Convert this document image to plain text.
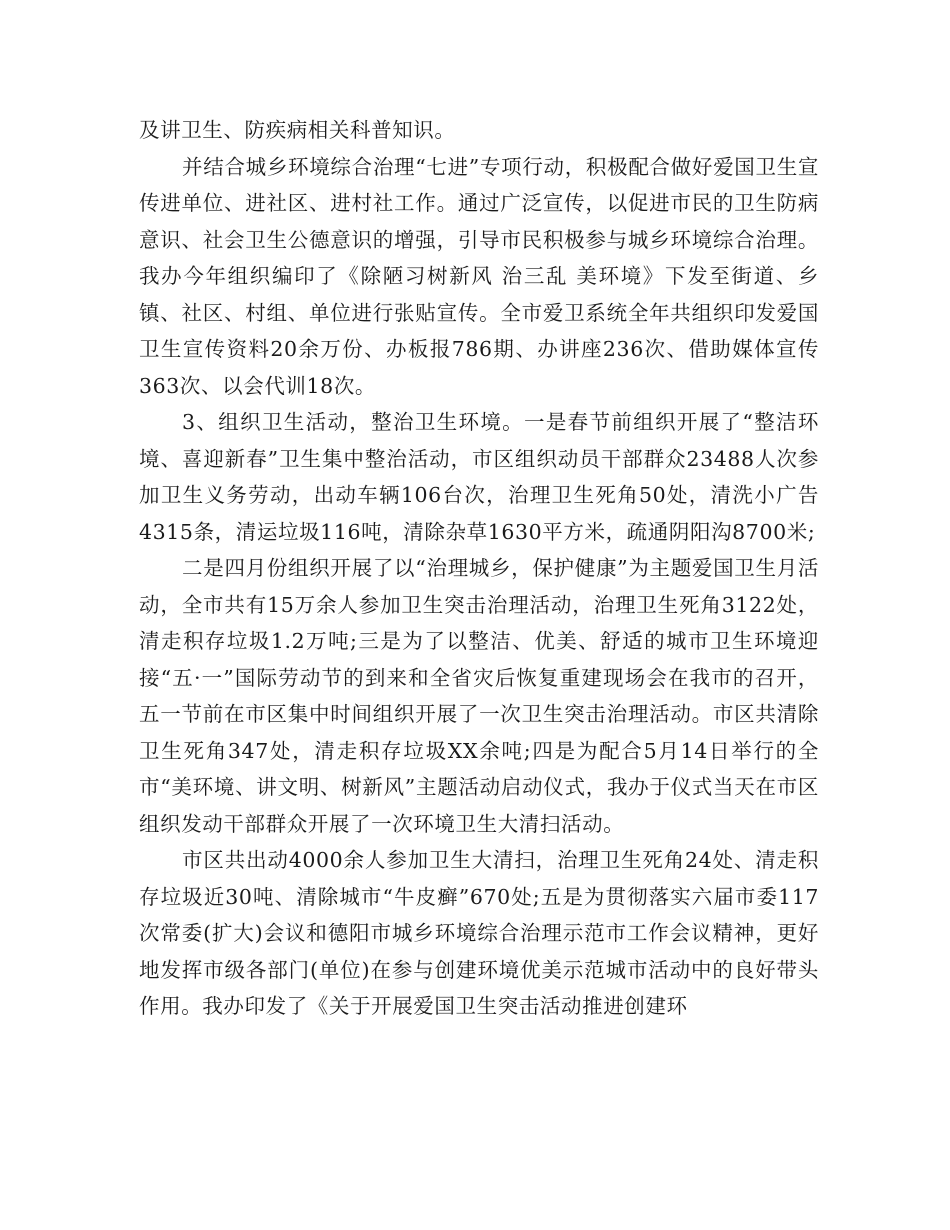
及讲卫生、防疾病相关科普知识。

并结合城乡环境综合治理“七进”专项行动，积极配合做好爱国卫生宣传进单位、进社区、进村社工作。通过广泛宣传，以促进市民的卫生防病意识、社会卫生公德意识的增强，引导市民积极参与城乡环境综合治理。我办今年组织编印了《除陋习树新风 治三乱 美环境》下发至街道、乡镇、社区、村组、单位进行张贴宣传。全市爱卫系统全年共组织印发爱国卫生宣传资料20余万份、办板报786期、办讲座236次、借助媒体宣传363次、以会代训18次。

3、组织卫生活动，整治卫生环境。一是春节前组织开展了“整洁环境、喜迎新春”卫生集中整治活动，市区组织动员干部群众23488人次参加卫生义务劳动，出动车辆106台次，治理卫生死角50处，清洗小广告4315条，清运垃圾116吨，清除杂草1630平方米，疏通阴阳沟8700米;

二是四月份组织开展了以“治理城乡，保护健康”为主题爱国卫生月活动，全市共有15万余人参加卫生突击治理活动，治理卫生死角3122处，清走积存垃圾1.2万吨;三是为了以整洁、优美、舒适的城市卫生环境迎接“五·一”国际劳动节的到来和全省灾后恢复重建现场会在我市的召开，五一节前在市区集中时间组织开展了一次卫生突击治理活动。市区共清除卫生死角347处，清走积存垃圾XX余吨;四是为配合5月14日举行的全市“美环境、讲文明、树新风”主题活动启动仪式，我办于仪式当天在市区组织发动干部群众开展了一次环境卫生大清扫活动。

市区共出动4000余人参加卫生大清扫，治理卫生死角24处、清走积存垃圾近30吨、清除城市“牛皮癣”670处;五是为贯彻落实六届市委117次常委(扩大)会议和德阳市城乡环境综合治理示范市工作会议精神，更好地发挥市级各部门(单位)在参与创建环境优美示范城市活动中的良好带头作用。我办印发了《关于开展爱国卫生突击活动推进创建环
